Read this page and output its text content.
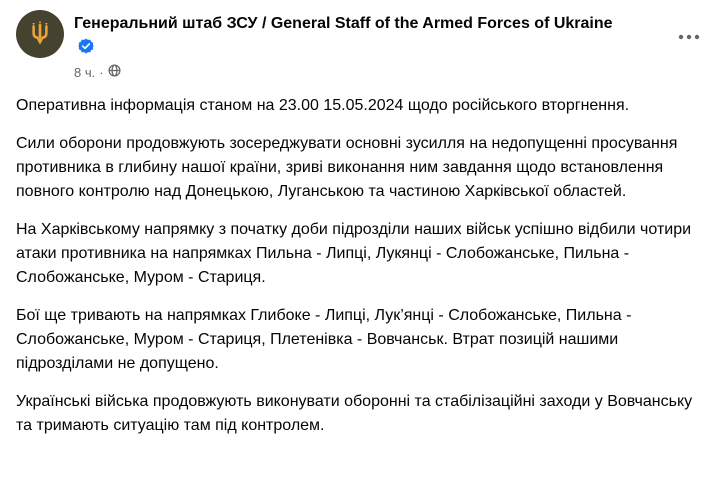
Генеральний штаб ЗСУ / General Staff of the Armed Forces of Ukraine
8 ч. ·

Оперативна інформація станом на 23.00 15.05.2024 щодо російського вторгнення.

Сили оборони продовжують зосереджувати основні зусилля на недопущенні просування противника в глибину нашої країни, зриві виконання ним завдання щодо встановлення повного контролю над Донецькою, Луганською та частиною Харківської областей.

На Харківському напрямку з початку доби підрозділи наших військ успішно відбили чотири атаки противника на напрямках Пильна - Липці, Лукянці - Слобожанське, Пильна - Слобожанське, Муром - Стариця.

Бої ще тривають на напрямках Глибоке - Липці, Лук’янці - Слобожанське, Пильна - Слобожанське, Муром - Стариця, Плетенівка - Вовчанськ. Втрат позицій нашими підрозділами не допущено.

Українські війська продовжують виконувати оборонні та стабілізаційні заходи у Вовчанську та тримають ситуацію там під контролем.
